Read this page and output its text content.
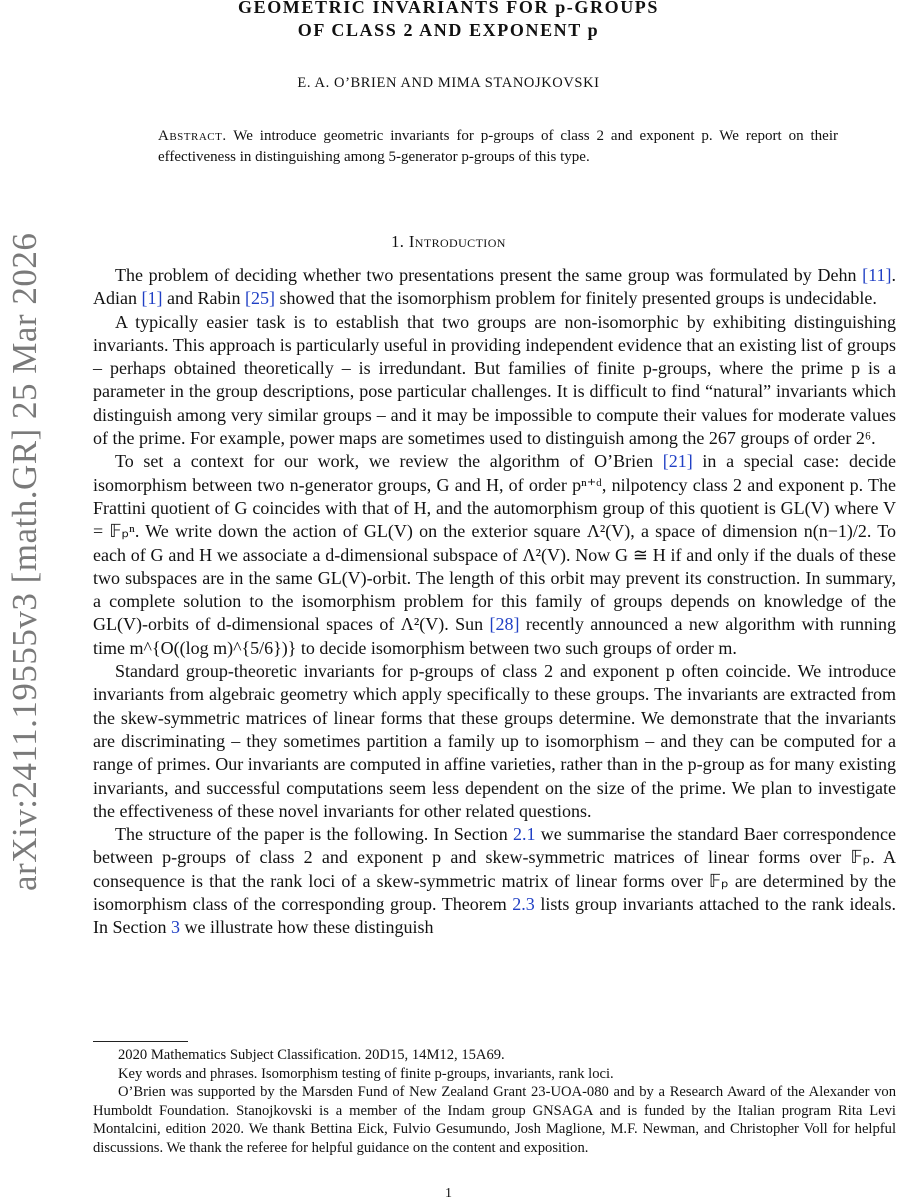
arXiv:2411.19555v3 [math.GR] 25 Mar 2026
GEOMETRIC INVARIANTS FOR p-GROUPS
OF CLASS 2 AND EXPONENT p
E. A. O’BRIEN AND MIMA STANOJKOVSKI
Abstract. We introduce geometric invariants for p-groups of class 2 and exponent p. We report on their effectiveness in distinguishing among 5-generator p-groups of this type.
1. Introduction

The problem of deciding whether two presentations present the same group was formulated by Dehn [11]. Adian [1] and Rabin [25] showed that the isomorphism problem for finitely presented groups is undecidable.

A typically easier task is to establish that two groups are non-isomorphic by exhibiting distinguishing invariants. This approach is particularly useful in providing independent evidence that an existing list of groups – perhaps obtained theoretically – is irredundant. But families of finite p-groups, where the prime p is a parameter in the group descriptions, pose particular challenges. It is difficult to find “natural” invariants which distinguish among very similar groups – and it may be impossible to compute their values for moderate values of the prime. For example, power maps are sometimes used to distinguish among the 267 groups of order 2⁶.

To set a context for our work, we review the algorithm of O’Brien [21] in a special case: decide isomorphism between two n-generator groups, G and H, of order pⁿ⁺ᵈ, nilpotency class 2 and exponent p. The Frattini quotient of G coincides with that of H, and the automorphism group of this quotient is GL(V) where V = 𝔽ₚⁿ. We write down the action of GL(V) on the exterior square Λ²(V), a space of dimension n(n−1)/2. To each of G and H we associate a d-dimensional subspace of Λ²(V). Now G ≅ H if and only if the duals of these two subspaces are in the same GL(V)-orbit. The length of this orbit may prevent its construction. In summary, a complete solution to the isomorphism problem for this family of groups depends on knowledge of the GL(V)-orbits of d-dimensional spaces of Λ²(V). Sun [28] recently announced a new algorithm with running time m^{O((log m)^{5/6})} to decide isomorphism between two such groups of order m.

Standard group-theoretic invariants for p-groups of class 2 and exponent p often coincide. We introduce invariants from algebraic geometry which apply specifically to these groups. The invariants are extracted from the skew-symmetric matrices of linear forms that these groups determine. We demonstrate that the invariants are discriminating – they sometimes partition a family up to isomorphism – and they can be computed for a range of primes. Our invariants are computed in affine varieties, rather than in the p-group as for many existing invariants, and successful computations seem less dependent on the size of the prime. We plan to investigate the effectiveness of these novel invariants for other related questions.

The structure of the paper is the following. In Section 2.1 we summarise the standard Baer correspondence between p-groups of class 2 and exponent p and skew-symmetric matrices of linear forms over 𝔽ₚ. A consequence is that the rank loci of a skew-symmetric matrix of linear forms over 𝔽ₚ are determined by the isomorphism class of the corresponding group. Theorem 2.3 lists group invariants attached to the rank ideals. In Section 3 we illustrate how these distinguish

2020 Mathematics Subject Classification. 20D15, 14M12, 15A69.

Key words and phrases. Isomorphism testing of finite p-groups, invariants, rank loci.

O’Brien was supported by the Marsden Fund of New Zealand Grant 23-UOA-080 and by a Research Award of the Alexander von Humboldt Foundation. Stanojkovski is a member of the Indam group GNSAGA and is funded by the Italian program Rita Levi Montalcini, edition 2020. We thank Bettina Eick, Fulvio Gesumundo, Josh Maglione, M.F. Newman, and Christopher Voll for helpful discussions. We thank the referee for helpful guidance on the content and exposition.

1
